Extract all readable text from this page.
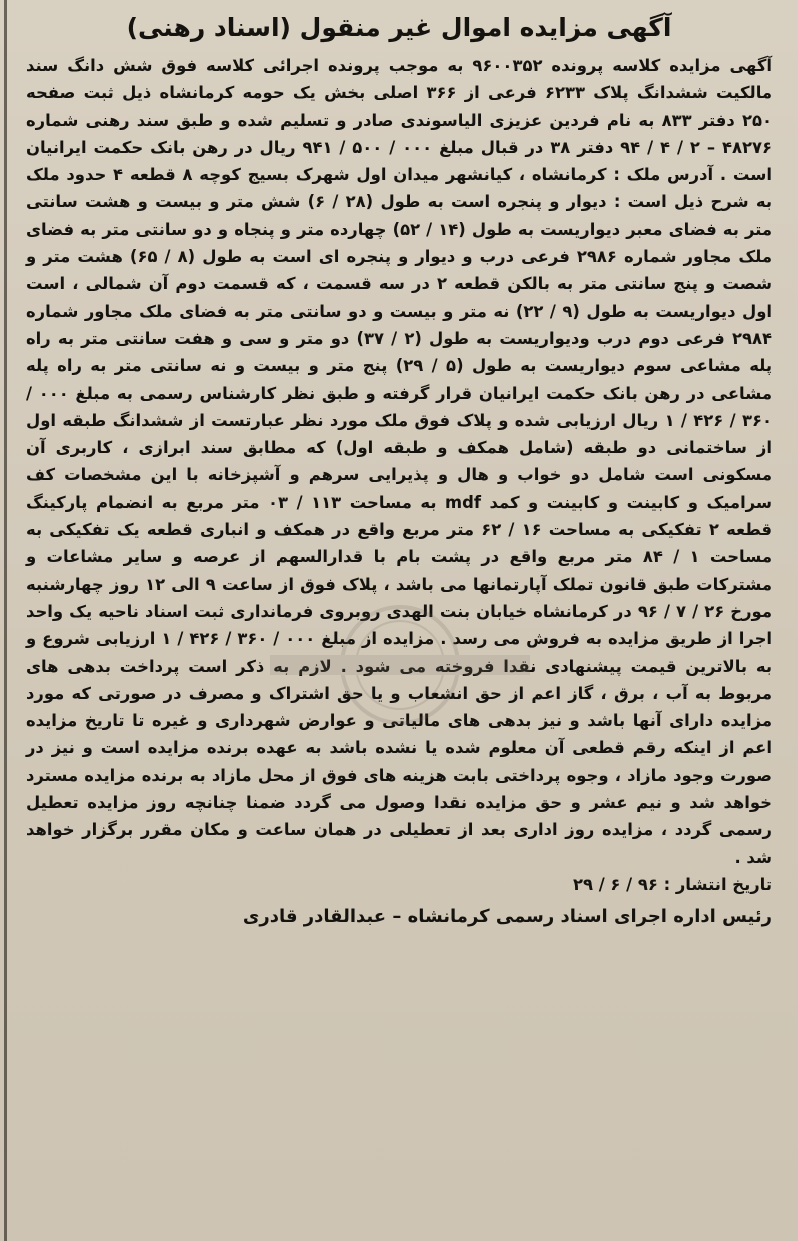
آگهی مزایده اموال غیر منقول (اسناد رهنی)

آگهی مزایده کلاسه پرونده ۹۶۰۰۳۵۲ به موجب پرونده اجرائی کلاسه فوق شش دانگ سند مالکیت ششدانگ پلاک ۶۲۳۳ فرعی از ۳۶۶ اصلی بخش یک حومه کرمانشاه ذیل ثبت صفحه ۲۵۰ دفتر ۸۳۳ به نام فردین عزیزی الیاسوندی صادر و تسلیم شده و طبق سند رهنی شماره ۴۸۲۷۶ – ۲ / ۴ / ۹۴ دفتر ۳۸ در قبال مبلغ ۰۰۰ / ۵۰۰ / ۹۴۱ ریال در رهن بانک حکمت ایرانیان است . آدرس ملک : کرمانشاه ، کیانشهر میدان اول شهرک بسیج کوچه ۸ قطعه ۴ حدود ملک به شرح ذیل است : دیوار و پنجره است به طول (۲۸ / ۶) شش متر و بیست و هشت سانتی متر به فضای معبر دیواریست به طول (۱۴ / ۵۲) چهارده متر و پنجاه و دو سانتی متر به فضای ملک مجاور شماره ۲۹۸۶ فرعی درب و دیوار و پنجره ای است به طول (۸ / ۶۵) هشت متر و شصت و پنج سانتی متر به بالکن قطعه ۲ در سه قسمت ، که قسمت دوم آن شمالی ، است اول دیواریست به طول (۹ / ۲۲) نه متر و بیست و دو سانتی متر به فضای ملک مجاور شماره ۲۹۸۴ فرعی دوم درب ودیواریست به طول (۲ / ۳۷) دو متر و سی و هفت سانتی متر به راه پله مشاعی سوم دیواریست به طول (۵ / ۲۹) پنج متر و بیست و نه سانتی متر به راه پله مشاعی در رهن بانک حکمت ایرانیان قرار گرفته و طبق نظر کارشناس رسمی به مبلغ ۰۰۰ / ۳۶۰ / ۴۲۶ / ۱ ریال ارزیابی شده و پلاک فوق ملک مورد نظر عبارتست از ششدانگ طبقه اول از ساختمانی دو طبقه (شامل همکف و طبقه اول) که مطابق سند ابرازی ، کاربری آن مسکونی است شامل دو خواب و هال و پذیرایی سرهم و آشپزخانه با این مشخصات کف سرامیک و کابینت و کابینت و کمد mdf به مساحت ۱۱۳ / ۰۳ متر مربع به انضمام پارکینگ قطعه ۲ تفکیکی به مساحت ۱۶ / ۶۲ متر مربع واقع در همکف و انباری قطعه یک تفکیکی به مساحت ۱ / ۸۴ متر مربع واقع در پشت بام با قدارالسهم از عرصه و سایر مشاعات و مشترکات طبق قانون تملک آپارتمانها می باشد ، پلاک فوق از ساعت ۹ الی ۱۲ روز چهارشنبه مورخ ۲۶ / ۷ / ۹۶ در کرمانشاه خیابان بنت الهدی روبروی فرمانداری ثبت اسناد ناحیه یک واحد اجرا از طریق مزایده به فروش می رسد . مزایده از مبلغ ۰۰۰ / ۳۶۰ / ۴۲۶ / ۱ ارزیابی شروع و به بالاترین قیمت پیشنهادی نقدا فروخته می شود . لازم به ذکر است پرداخت بدهی های مربوط به آب ، برق ، گاز اعم از حق انشعاب و یا حق اشتراک و مصرف در صورتی که مورد مزایده دارای آنها باشد و نیز بدهی های مالیاتی و عوارض شهرداری و غیره تا تاریخ مزایده اعم از اینکه رقم قطعی آن معلوم شده یا نشده باشد به عهده برنده مزایده است و نیز در صورت وجود مازاد ، وجوه پرداختی بابت هزینه های فوق از محل مازاد به برنده مزایده مسترد خواهد شد و نیم عشر و حق مزایده نقدا وصول می گردد ضمنا چنانچه روز مزایده تعطیل رسمی گردد ، مزایده روز اداری بعد از تعطیلی در همان ساعت و مکان مقرر برگزار خواهد شد .

تاریخ انتشار : ۹۶ / ۶ / ۲۹

رئیس اداره اجرای اسناد رسمی کرمانشاه – عبدالقادر قادری
